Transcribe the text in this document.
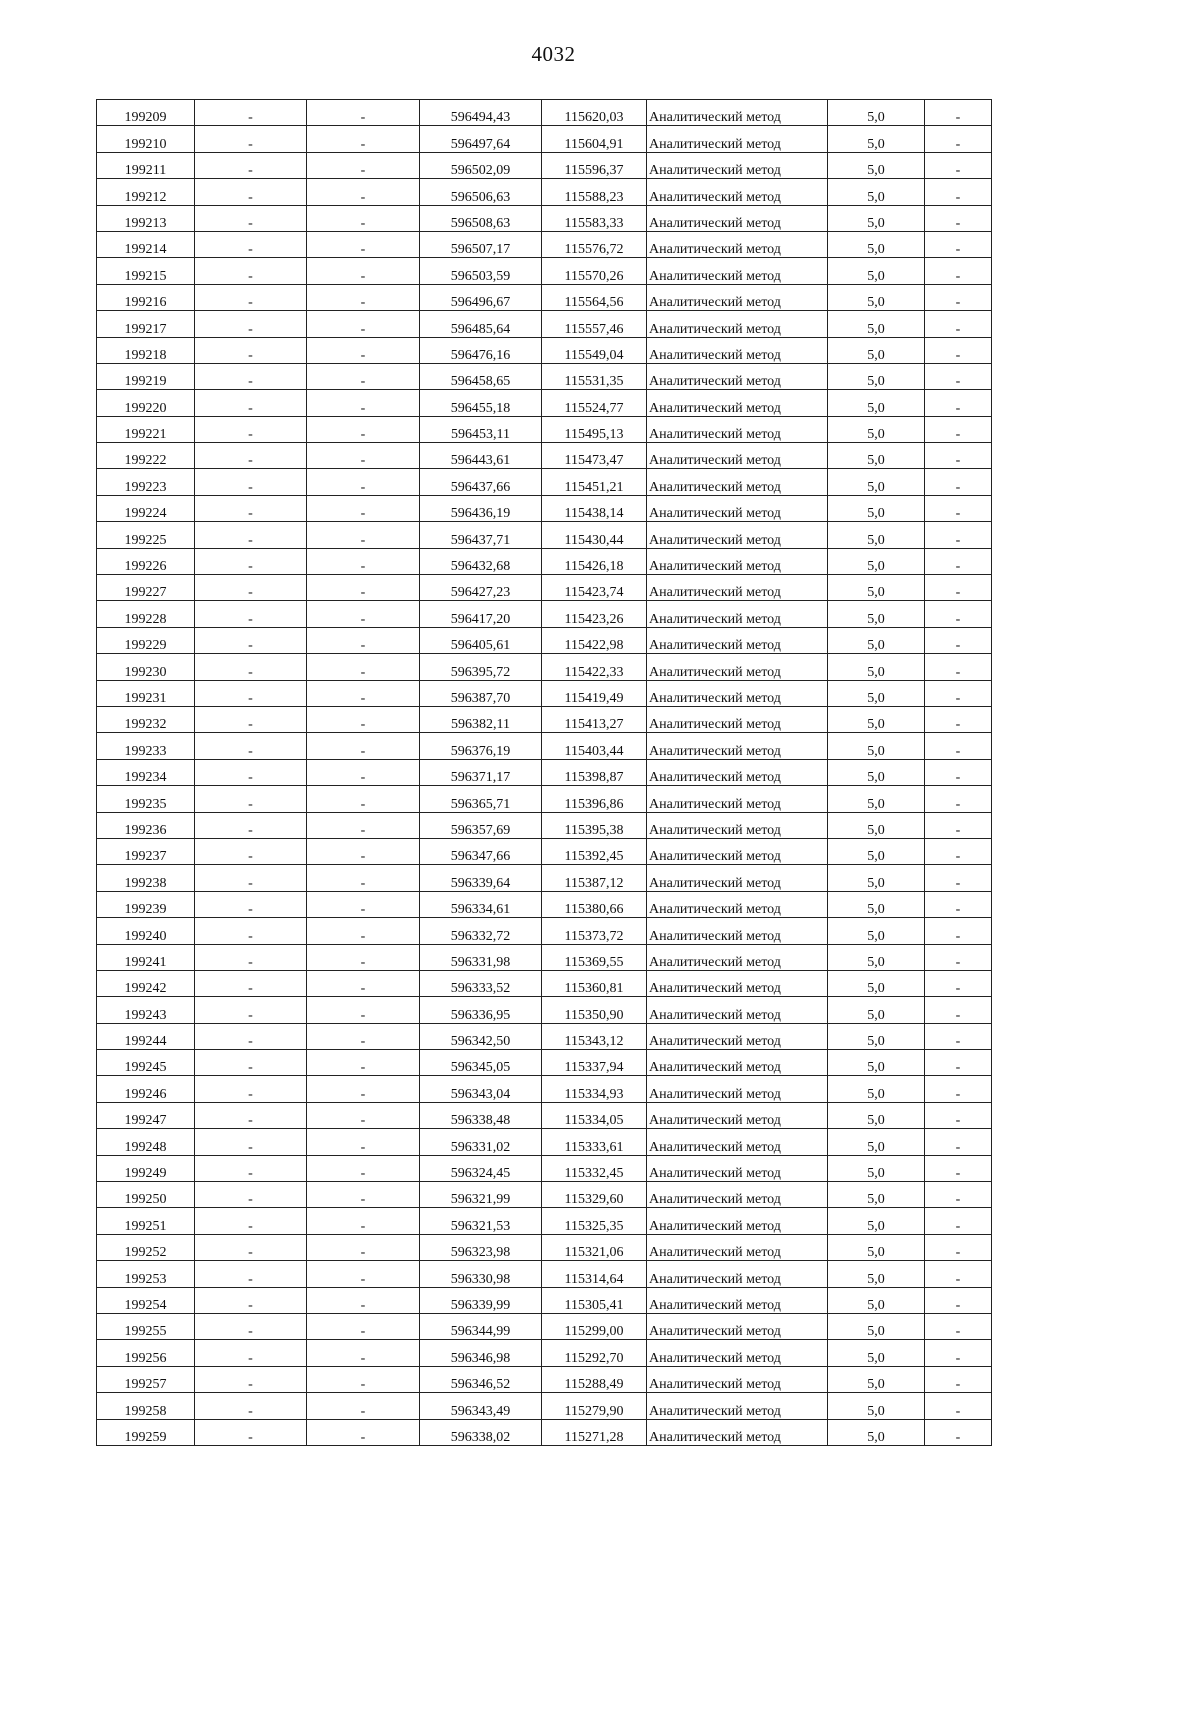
4032
199209	-	-	596494,43	115620,03	Аналитический метод	5,0	-
199210	-	-	596497,64	115604,91	Аналитический метод	5,0	-
199211	-	-	596502,09	115596,37	Аналитический метод	5,0	-
199212	-	-	596506,63	115588,23	Аналитический метод	5,0	-
199213	-	-	596508,63	115583,33	Аналитический метод	5,0	-
199214	-	-	596507,17	115576,72	Аналитический метод	5,0	-
199215	-	-	596503,59	115570,26	Аналитический метод	5,0	-
199216	-	-	596496,67	115564,56	Аналитический метод	5,0	-
199217	-	-	596485,64	115557,46	Аналитический метод	5,0	-
199218	-	-	596476,16	115549,04	Аналитический метод	5,0	-
199219	-	-	596458,65	115531,35	Аналитический метод	5,0	-
199220	-	-	596455,18	115524,77	Аналитический метод	5,0	-
199221	-	-	596453,11	115495,13	Аналитический метод	5,0	-
199222	-	-	596443,61	115473,47	Аналитический метод	5,0	-
199223	-	-	596437,66	115451,21	Аналитический метод	5,0	-
199224	-	-	596436,19	115438,14	Аналитический метод	5,0	-
199225	-	-	596437,71	115430,44	Аналитический метод	5,0	-
199226	-	-	596432,68	115426,18	Аналитический метод	5,0	-
199227	-	-	596427,23	115423,74	Аналитический метод	5,0	-
199228	-	-	596417,20	115423,26	Аналитический метод	5,0	-
199229	-	-	596405,61	115422,98	Аналитический метод	5,0	-
199230	-	-	596395,72	115422,33	Аналитический метод	5,0	-
199231	-	-	596387,70	115419,49	Аналитический метод	5,0	-
199232	-	-	596382,11	115413,27	Аналитический метод	5,0	-
199233	-	-	596376,19	115403,44	Аналитический метод	5,0	-
199234	-	-	596371,17	115398,87	Аналитический метод	5,0	-
199235	-	-	596365,71	115396,86	Аналитический метод	5,0	-
199236	-	-	596357,69	115395,38	Аналитический метод	5,0	-
199237	-	-	596347,66	115392,45	Аналитический метод	5,0	-
199238	-	-	596339,64	115387,12	Аналитический метод	5,0	-
199239	-	-	596334,61	115380,66	Аналитический метод	5,0	-
199240	-	-	596332,72	115373,72	Аналитический метод	5,0	-
199241	-	-	596331,98	115369,55	Аналитический метод	5,0	-
199242	-	-	596333,52	115360,81	Аналитический метод	5,0	-
199243	-	-	596336,95	115350,90	Аналитический метод	5,0	-
199244	-	-	596342,50	115343,12	Аналитический метод	5,0	-
199245	-	-	596345,05	115337,94	Аналитический метод	5,0	-
199246	-	-	596343,04	115334,93	Аналитический метод	5,0	-
199247	-	-	596338,48	115334,05	Аналитический метод	5,0	-
199248	-	-	596331,02	115333,61	Аналитический метод	5,0	-
199249	-	-	596324,45	115332,45	Аналитический метод	5,0	-
199250	-	-	596321,99	115329,60	Аналитический метод	5,0	-
199251	-	-	596321,53	115325,35	Аналитический метод	5,0	-
199252	-	-	596323,98	115321,06	Аналитический метод	5,0	-
199253	-	-	596330,98	115314,64	Аналитический метод	5,0	-
199254	-	-	596339,99	115305,41	Аналитический метод	5,0	-
199255	-	-	596344,99	115299,00	Аналитический метод	5,0	-
199256	-	-	596346,98	115292,70	Аналитический метод	5,0	-
199257	-	-	596346,52	115288,49	Аналитический метод	5,0	-
199258	-	-	596343,49	115279,90	Аналитический метод	5,0	-
199259	-	-	596338,02	115271,28	Аналитический метод	5,0	-
